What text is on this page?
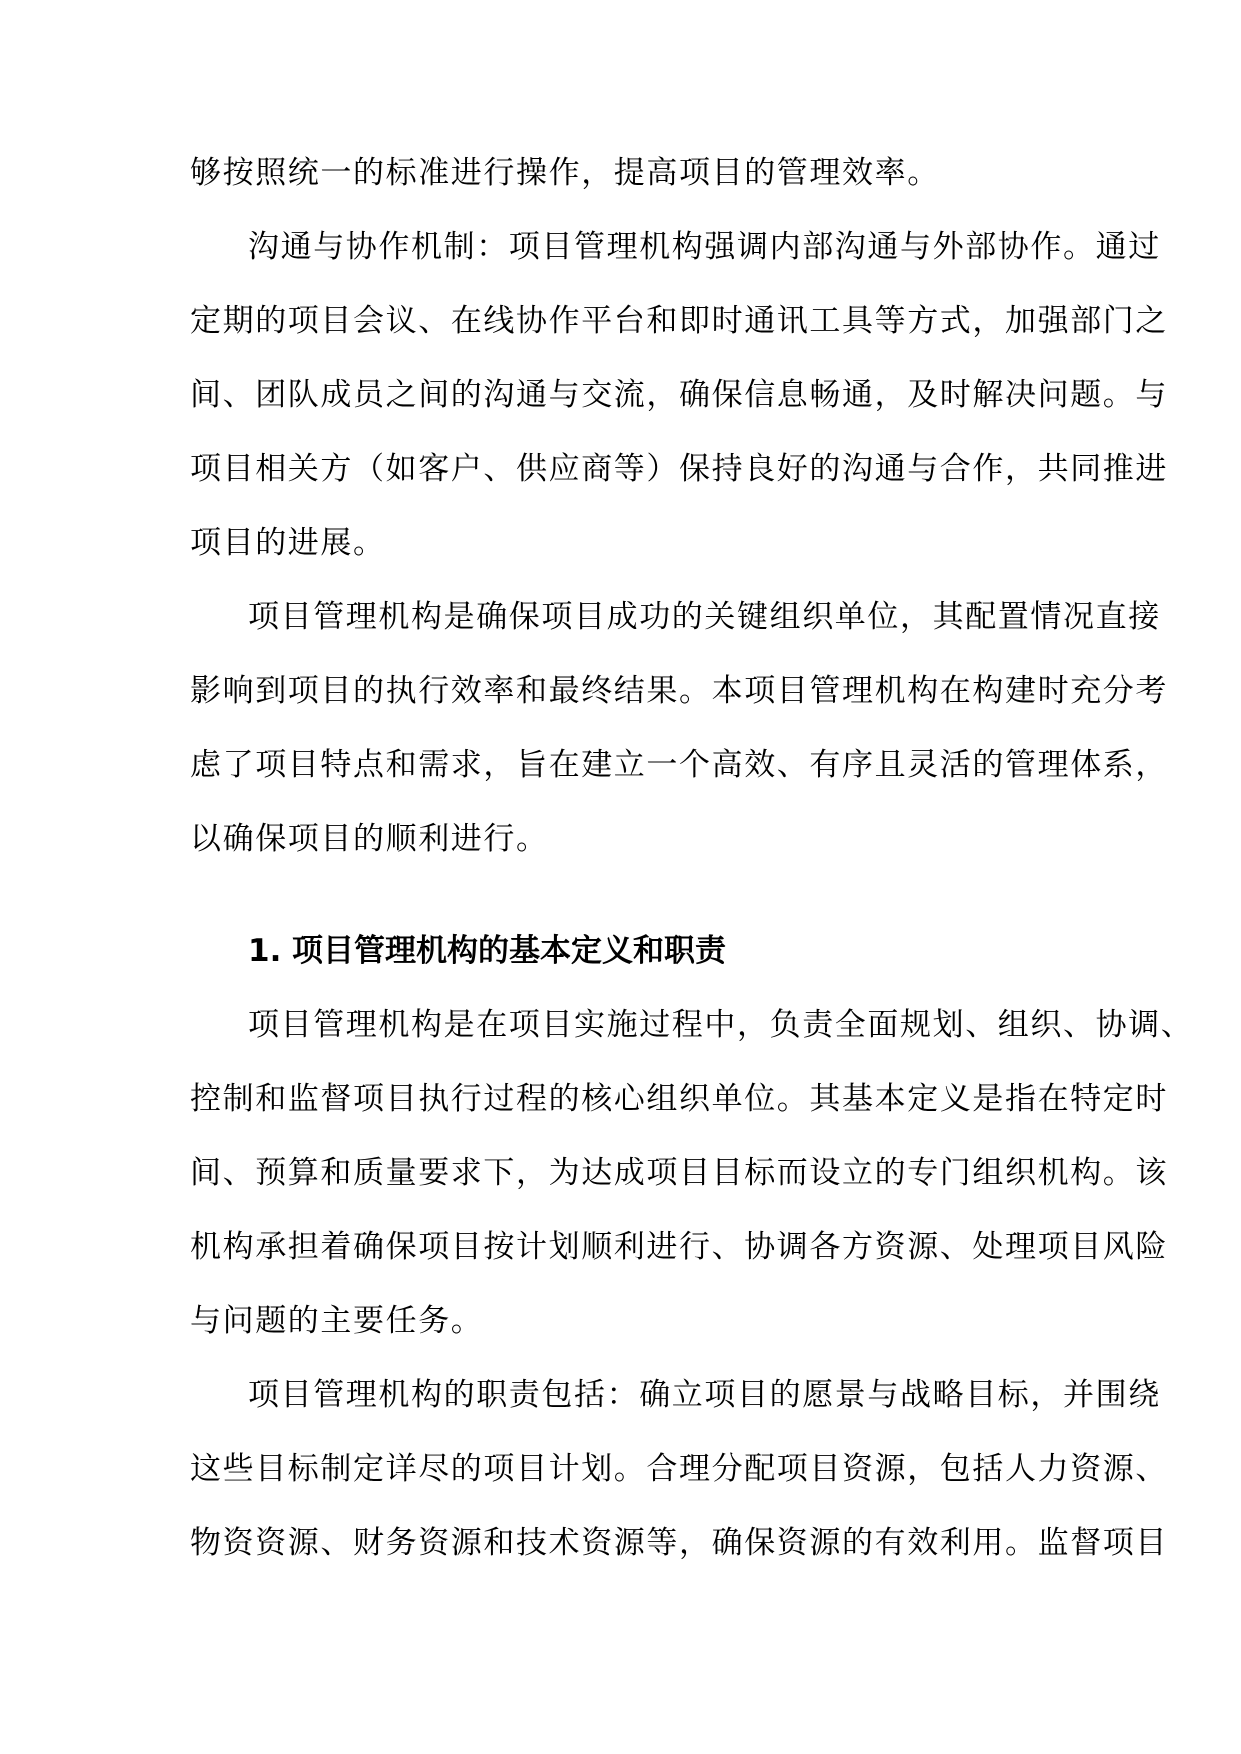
够按照统一的标准进行操作，提高项目的管理效率。
沟通与协作机制：项目管理机构强调内部沟通与外部协作。通过
定期的项目会议、在线协作平台和即时通讯工具等方式，加强部门之
间、团队成员之间的沟通与交流，确保信息畅通，及时解决问题。与
项目相关方（如客户、供应商等）保持良好的沟通与合作，共同推进
项目的进展。
项目管理机构是确保项目成功的关键组织单位，其配置情况直接
影响到项目的执行效率和最终结果。本项目管理机构在构建时充分考
虑了项目特点和需求，旨在建立一个高效、有序且灵活的管理体系，
以确保项目的顺利进行。
1. 项目管理机构的基本定义和职责
项目管理机构是在项目实施过程中，负责全面规划、组织、协调、
控制和监督项目执行过程的核心组织单位。其基本定义是指在特定时
间、预算和质量要求下，为达成项目目标而设立的专门组织机构。该
机构承担着确保项目按计划顺利进行、协调各方资源、处理项目风险
与问题的主要任务。
项目管理机构的职责包括：确立项目的愿景与战略目标，并围绕
这些目标制定详尽的项目计划。合理分配项目资源，包括人力资源、
物资资源、财务资源和技术资源等，确保资源的有效利用。监督项目
